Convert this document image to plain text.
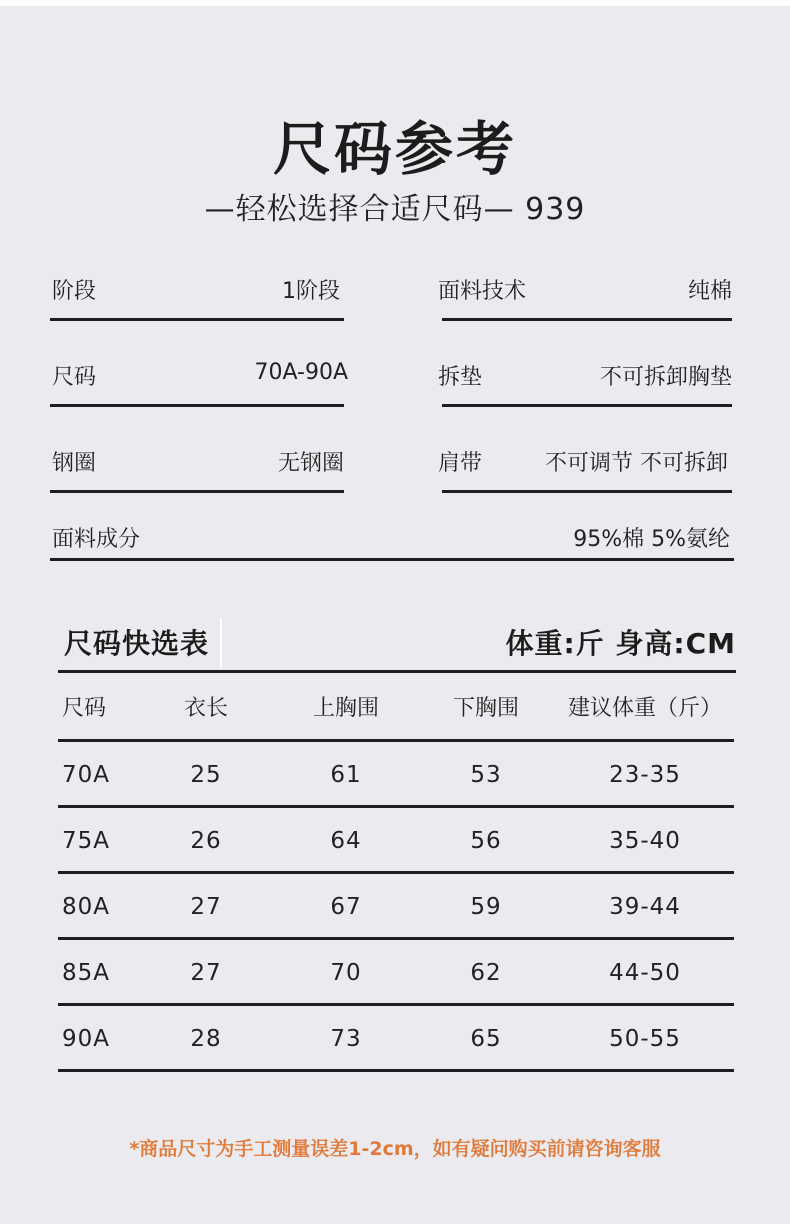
尺码参考
—轻松选择合适尺码— 939
阶段	1阶段
尺码	70A-90A
钢圈	无钢圈
面料技术	纯棉
拆垫	不可拆卸胸垫
肩带	不可调节 不可拆卸
面料成分	95%棉 5%氨纶
尺码快选表	体重:斤 身高:CM
尺码	衣长	上胸围	下胸围	建议体重（斤）
70A	25	61	53	23-35
75A	26	64	56	35-40
80A	27	67	59	39-44
85A	27	70	62	44-50
90A	28	73	65	50-55
*商品尺寸为手工测量误差1-2cm，如有疑问购买前请咨询客服
